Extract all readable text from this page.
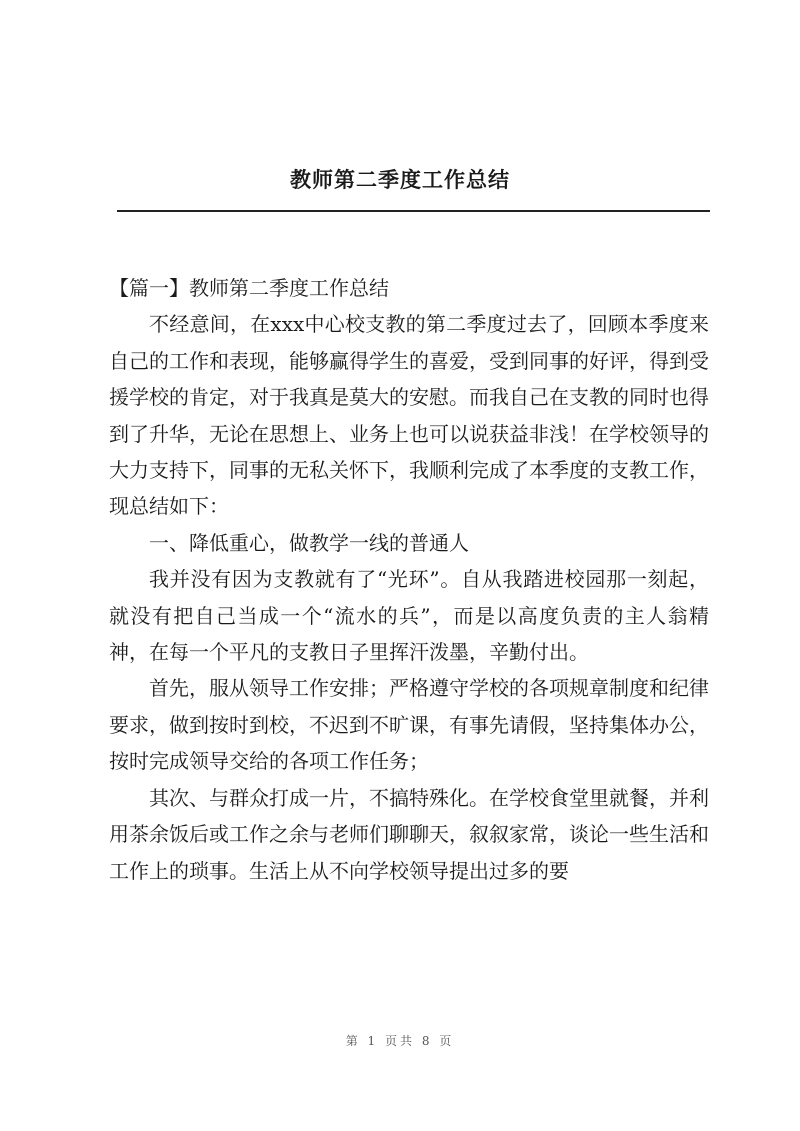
教师第二季度工作总结

【篇一】教师第二季度工作总结

不经意间，在xxx中心校支教的第二季度过去了，回顾本季度来自己的工作和表现，能够赢得学生的喜爱，受到同事的好评，得到受援学校的肯定，对于我真是莫大的安慰。而我自己在支教的同时也得到了升华，无论在思想上、业务上也可以说获益非浅！在学校领导的大力支持下，同事的无私关怀下，我顺利完成了本季度的支教工作，现总结如下：

一、降低重心，做教学一线的普通人

我并没有因为支教就有了“光环”。自从我踏进校园那一刻起，就没有把自己当成一个“流水的兵”，而是以高度负责的主人翁精神，在每一个平凡的支教日子里挥汗泼墨，辛勤付出。

首先，服从领导工作安排；严格遵守学校的各项规章制度和纪律要求，做到按时到校，不迟到不旷课，有事先请假，坚持集体办公，按时完成领导交给的各项工作任务；

其次、与群众打成一片，不搞特殊化。在学校食堂里就餐，并利用茶余饭后或工作之余与老师们聊聊天，叙叙家常，谈论一些生活和工作上的琐事。生活上从不向学校领导提出过多的要

第 1 页共 8 页
